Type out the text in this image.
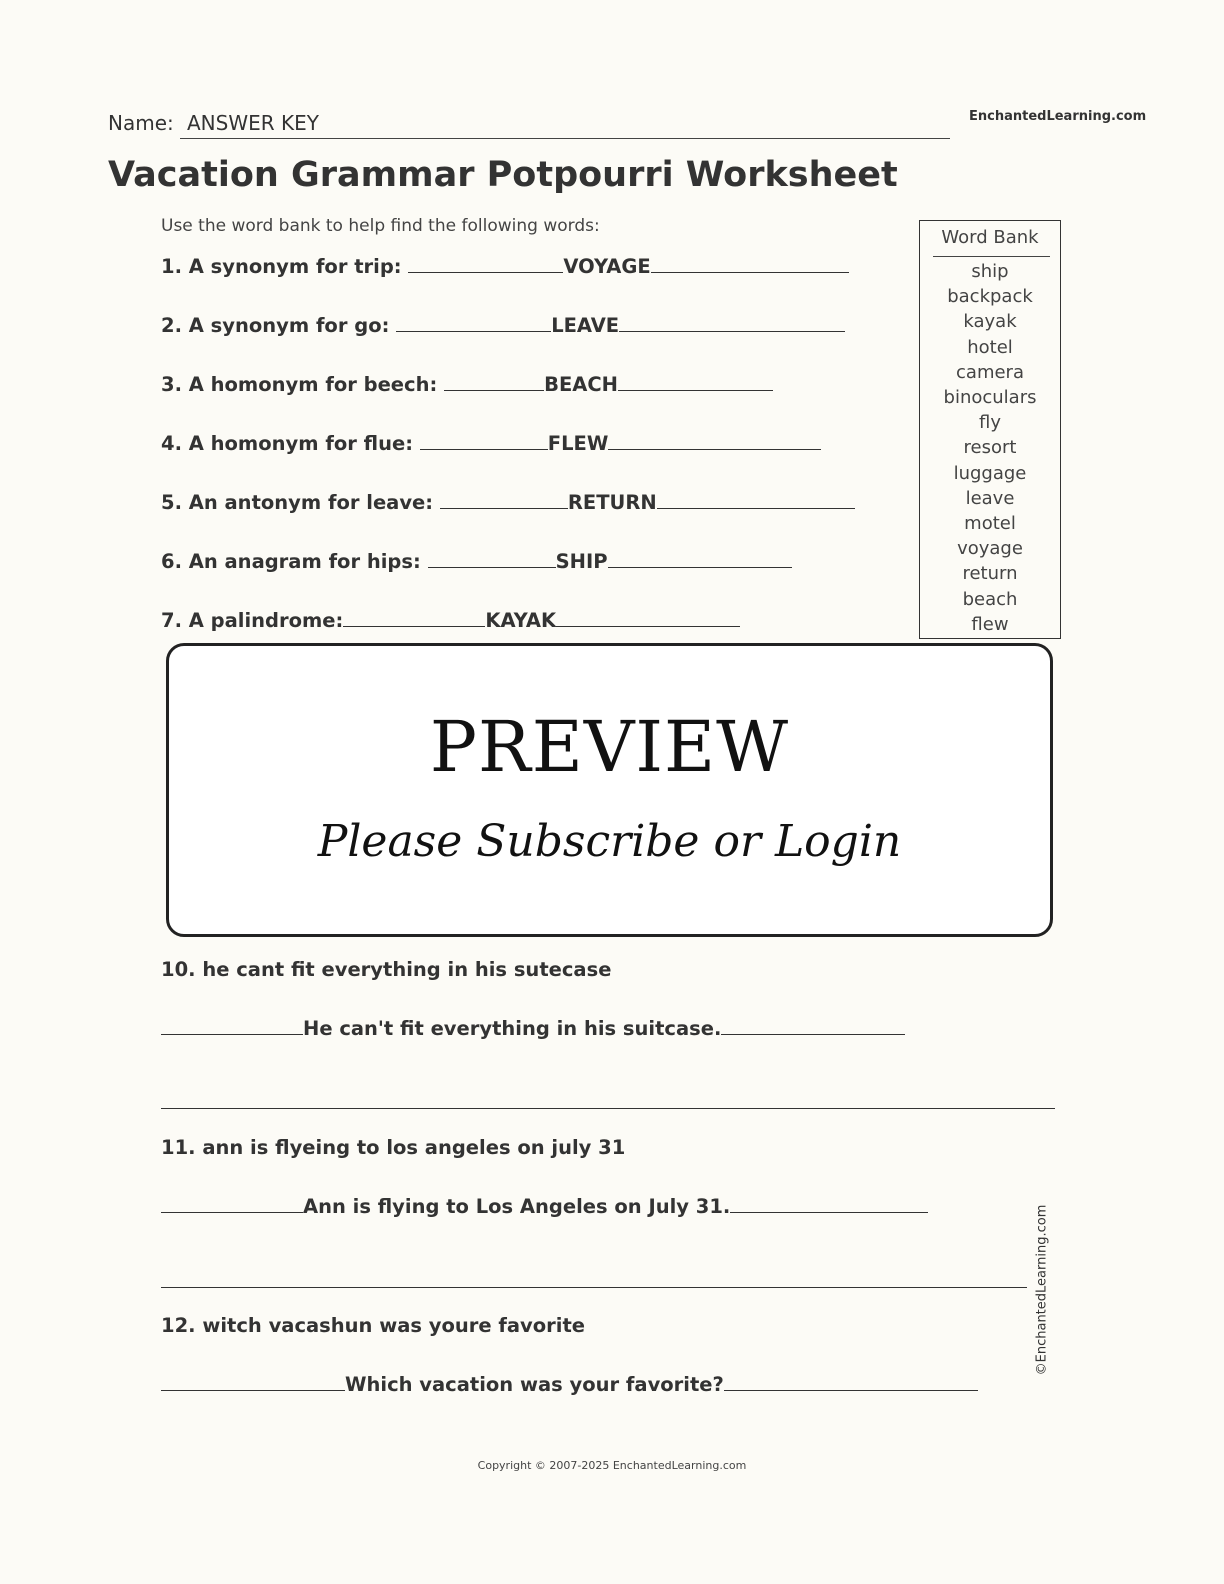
Name: ANSWER KEY	EnchantedLearning.com
Vacation Grammar Potpourri Worksheet
Use the word bank to help find the following words:
1. A synonym for trip:	VOYAGE
2. A synonym for go:	LEAVE
3. A homonym for beech:	BEACH
4. A homonym for flue:	FLEW
5. An antonym for leave:	RETURN
6. An anagram for hips:	SHIP
7. A palindrome:	KAYAK
Word Bank
ship
backpack
kayak
hotel
camera
binoculars
fly
resort
luggage
leave
motel
voyage
return
beach
flew
PREVIEW
Please Subscribe or Login
10. he cant fit everything in his sutecase
He can't fit everything in his suitcase.
11. ann is flyeing to los angeles on july 31
Ann is flying to Los Angeles on July 31.
12. witch vacashun was youre favorite
Which vacation was your favorite?
©EnchantedLearning.com
Copyright © 2007-2025 EnchantedLearning.com
